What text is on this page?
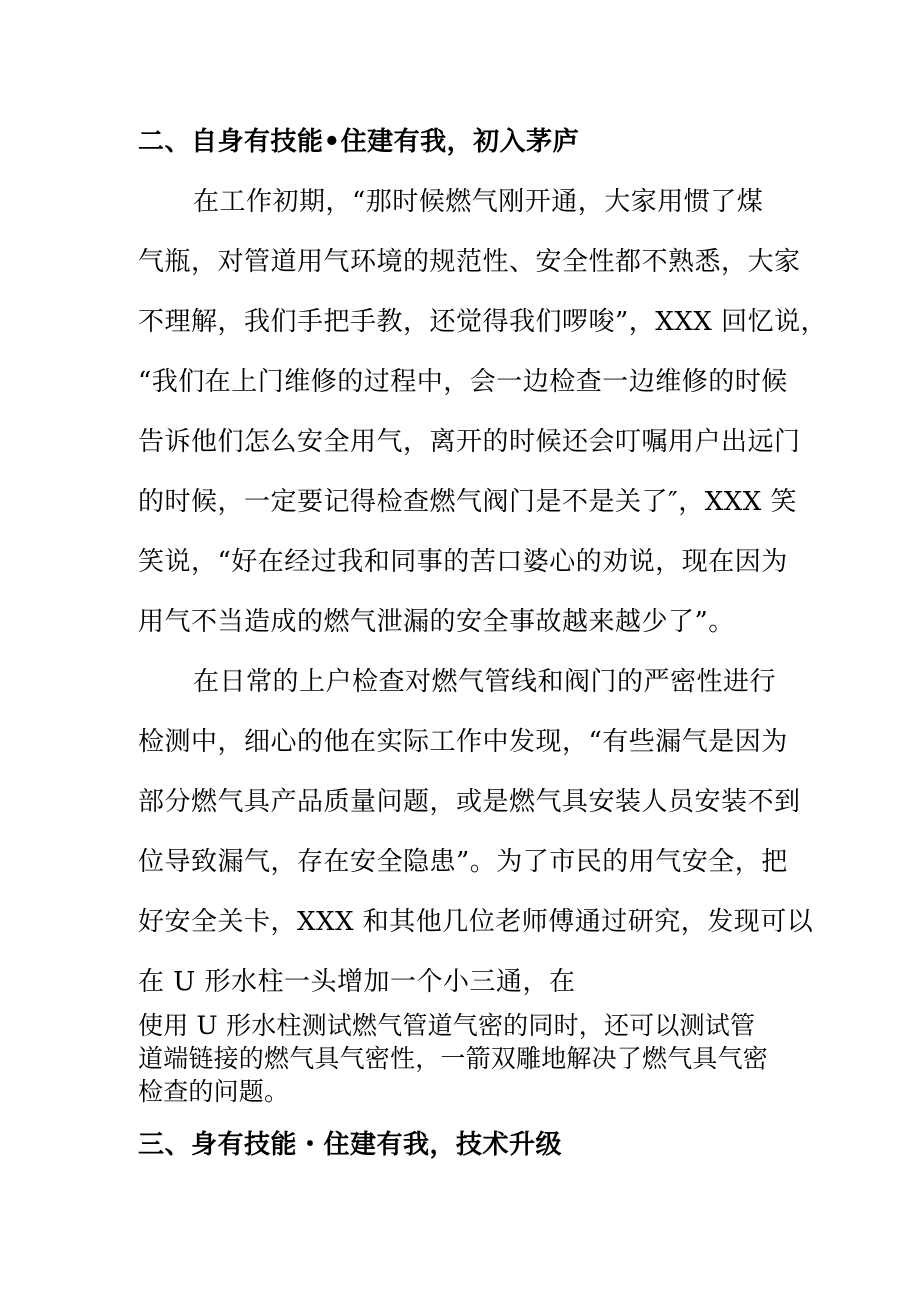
二、自身有技能•住建有我，初入茅庐
在工作初期，“那时候燃气刚开通，大家用惯了煤
气瓶，对管道用气环境的规范性、安全性都不熟悉，大家
不理解，我们手把手教，还觉得我们啰唆”，XXX 回忆说，
“我们在上门维修的过程中，会一边检查一边维修的时候
告诉他们怎么安全用气，离开的时候还会叮嘱用户出远门
的时候，一定要记得检查燃气阀门是不是关了″，XXX 笑
笑说，“好在经过我和同事的苦口婆心的劝说，现在因为
用气不当造成的燃气泄漏的安全事故越来越少了”。
在日常的上户检查对燃气管线和阀门的严密性进行
检测中，细心的他在实际工作中发现，“有些漏气是因为
部分燃气具产品质量问题，或是燃气具安装人员安装不到
位导致漏气，存在安全隐患”。为了市民的用气安全，把
好安全关卡，XXX 和其他几位老师傅通过研究，发现可以
在 U 形水柱一头增加一个小三通，在
使用 U 形水柱测试燃气管道气密的同时，还可以测试管
道端链接的燃气具气密性，一箭双雕地解决了燃气具气密
检查的问题。
三、身有技能・住建有我，技术升级
